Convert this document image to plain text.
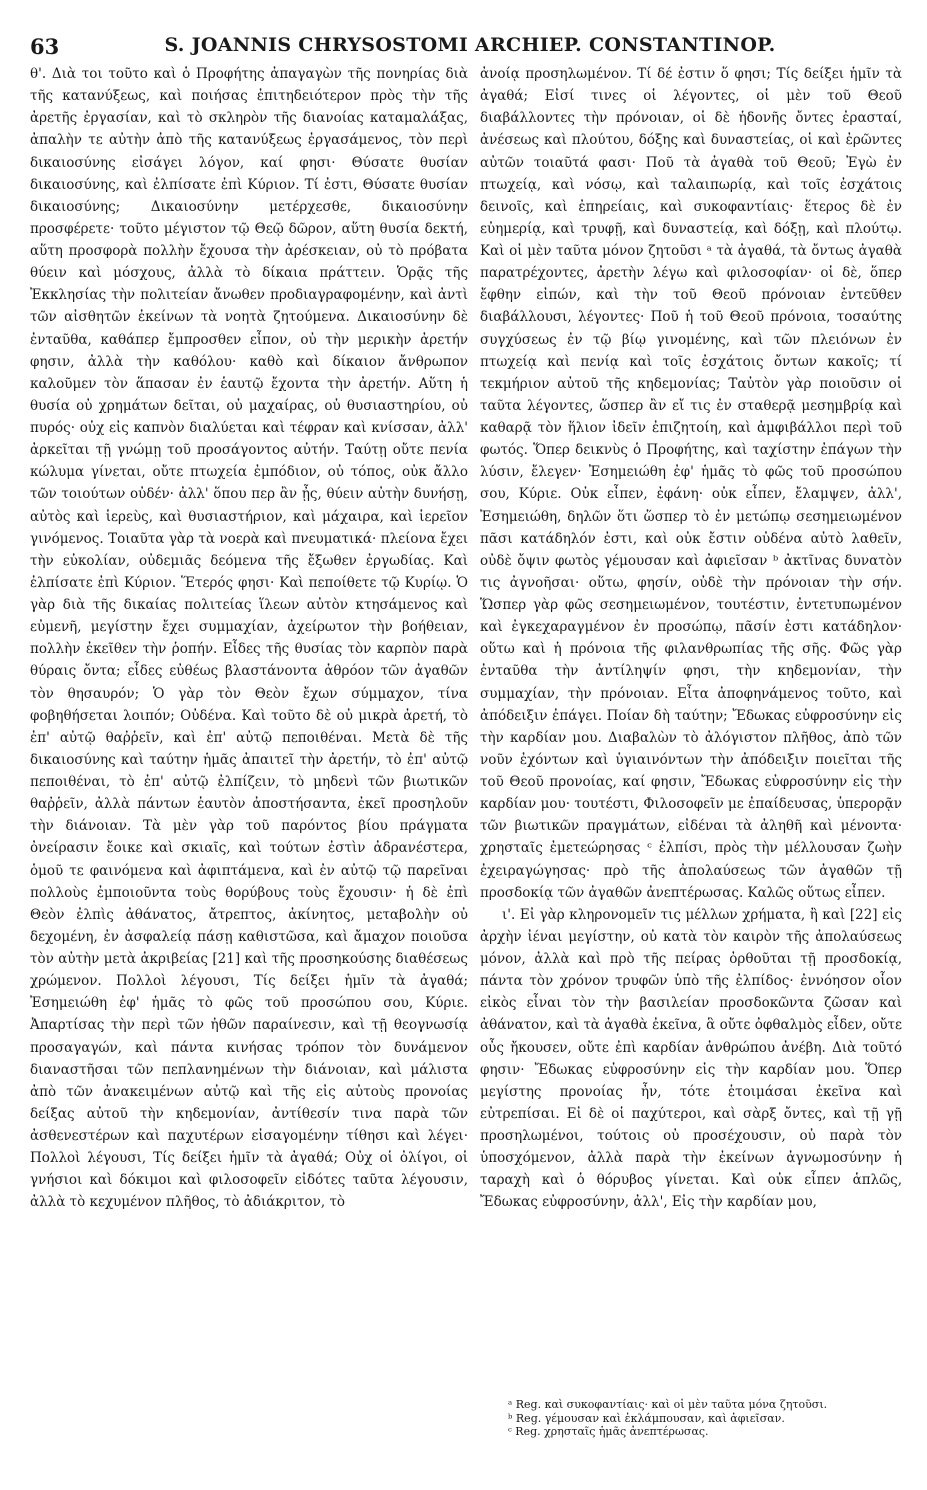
63	S. JOANNIS CHRYSOSTOMI ARCHIEP. CONSTANTINOP.

θ'. Διὰ τοι τοῦτο καὶ ὁ Προφήτης ἀπαγαγὼν τῆς πονηρίας διὰ τῆς κατανύξεως, καὶ ποιήσας ἐπιτηδειότερον πρὸς τὴν τῆς ἀρετῆς ἐργασίαν, καὶ τὸ σκληρὸν τῆς διανοίας καταμαλάξας, ἀπαλὴν τε αὐτὴν ἀπὸ τῆς κατανύξεως ἐργασάμενος, τὸν περὶ δικαιοσύνης εἰσάγει λόγον, καί φησι· Θύσατε θυσίαν δικαιοσύνης, καὶ ἐλπίσατε ἐπὶ Κύριον. Τί ἐστι, Θύσατε θυσίαν δικαιοσύνης; Δικαιοσύνην μετέρχεσθε, δικαιοσύνην προσφέρετε· τοῦτο μέγιστον τῷ Θεῷ δῶρον, αὕτη θυσία δεκτή, αὕτη προσφορὰ πολλὴν ἔχουσα τὴν ἀρέσκειαν, οὐ τὸ πρόβατα θύειν καὶ μόσχους, ἀλλὰ τὸ δίκαια πράττειν. Ὁρᾷς τῆς Ἐκκλησίας τὴν πολιτείαν ἄνωθεν προδιαγραφομένην, καὶ ἀντὶ τῶν αἰσθητῶν ἐκείνων τὰ νοητὰ ζητούμενα. Δικαιοσύνην δὲ ἐνταῦθα, καθάπερ ἔμπροσθεν εἶπον, οὐ τὴν μερικὴν ἀρετήν φησιν, ἀλλὰ τὴν καθόλου· καθὸ καὶ δίκαιον ἄνθρωπον καλοῦμεν τὸν ἅπασαν ἐν ἑαυτῷ ἔχοντα τὴν ἀρετήν. Αὕτη ἡ θυσία οὐ χρημάτων δεῖται, οὐ μαχαίρας, οὐ θυσιαστηρίου, οὐ πυρός· οὐχ εἰς καπνὸν διαλύεται καὶ τέφραν καὶ κνίσσαν, ἀλλ' ἀρκεῖται τῇ γνώμῃ τοῦ προσάγοντος αὐτήν. Ταύτῃ οὔτε πενία κώλυμα γίνεται, οὔτε πτωχεία ἐμπόδιον, οὐ τόπος, οὐκ ἄλλο τῶν τοιούτων οὐδέν· ἀλλ' ὅπου περ ἂν ᾖς, θύειν αὐτὴν δυνήσῃ, αὐτὸς καὶ ἱερεὺς, καὶ θυσιαστήριον, καὶ μάχαιρα, καὶ ἱερεῖον γινόμενος. Τοιαῦτα γὰρ τὰ νοερὰ καὶ πνευματικά· πλείονα ἔχει τὴν εὐκολίαν, οὐδεμιᾶς δεόμενα τῆς ἔξωθεν ἐργωδίας. Καὶ ἐλπίσατε ἐπὶ Κύριον. Ἕτερός φησι· Καὶ πεποίθετε τῷ Κυρίῳ. Ὁ γὰρ διὰ τῆς δικαίας πολιτείας ἵλεων αὐτὸν κτησάμενος καὶ εὐμενῆ, μεγίστην ἔχει συμμαχίαν, ἀχείρωτον τὴν βοήθειαν, πολλὴν ἐκεῖθεν τὴν ῥοπήν. Εἶδες τῆς θυσίας τὸν καρπὸν παρὰ θύραις ὄντα; εἶδες εὐθέως βλαστάνοντα ἀθρόον τῶν ἀγαθῶν τὸν θησαυρόν; Ὁ γὰρ τὸν Θεὸν ἔχων σύμμαχον, τίνα φοβηθήσεται λοιπόν; Οὐδένα. Καὶ τοῦτο δὲ οὐ μικρὰ ἀρετή, τὸ ἐπ' αὐτῷ θαῤῥεῖν, καὶ ἐπ' αὐτῷ πεποιθέναι. Μετὰ δὲ τῆς δικαιοσύνης καὶ ταύτην ἡμᾶς ἀπαιτεῖ τὴν ἀρετήν, τὸ ἐπ' αὐτῷ πεποιθέναι, τὸ ἐπ' αὐτῷ ἐλπίζειν, τὸ μηδενὶ τῶν βιωτικῶν θαῤῥεῖν, ἀλλὰ πάντων ἑαυτὸν ἀποστήσαντα, ἐκεῖ προσηλοῦν τὴν διάνοιαν. Τὰ μὲν γὰρ τοῦ παρόντος βίου πράγματα ὀνείρασιν ἔοικε καὶ σκιαῖς, καὶ τούτων ἐστὶν ἀδρανέστερα, ὁμοῦ τε φαινόμενα καὶ ἀφιπτάμενα, καὶ ἐν αὐτῷ τῷ παρεῖναι πολλοὺς ἐμποιοῦντα τοὺς θορύβους τοὺς ἔχουσιν· ἡ δὲ ἐπὶ Θεὸν ἐλπὶς ἀθάνατος, ἄτρεπτος, ἀκίνητος, μεταβολὴν οὐ δεχομένη, ἐν ἀσφαλείᾳ πάσῃ καθιστῶσα, καὶ ἄμαχον ποιοῦσα τὸν αὐτὴν μετὰ ἀκριβείας [21] καὶ τῆς προσηκούσης διαθέσεως χρώμενον. Πολλοὶ λέγουσι, Τίς δείξει ἡμῖν τὰ ἀγαθά; Ἐσημειώθη ἐφ' ἡμᾶς τὸ φῶς τοῦ προσώπου σου, Κύριε. Ἀπαρτίσας τὴν περὶ τῶν ἠθῶν παραίνεσιν, καὶ τῇ θεογνωσίᾳ προσαγαγών, καὶ πάντα κινήσας τρόπον τὸν δυνάμενον διαναστῆσαι τῶν πεπλανημένων τὴν διάνοιαν, καὶ μάλιστα ἀπὸ τῶν ἀνακειμένων αὐτῷ καὶ τῆς εἰς αὐτοὺς προνοίας δείξας αὐτοῦ τὴν κηδεμονίαν, ἀντίθεσίν τινα παρὰ τῶν ἀσθενεστέρων καὶ παχυτέρων εἰσαγομένην τίθησι καὶ λέγει· Πολλοὶ λέγουσι, Τίς δείξει ἡμῖν τὰ ἀγαθά; Οὐχ οἱ ὀλίγοι, οἱ γνήσιοι καὶ δόκιμοι καὶ φιλοσοφεῖν εἰδότες ταῦτα λέγουσιν, ἀλλὰ τὸ κεχυμένον πλῆθος, τὸ ἀδιάκριτον, τὸ

ἀνοίᾳ προσηλωμένον. Τί δέ ἐστιν ὅ φησι; Τίς δείξει ἡμῖν τὰ ἀγαθά; Εἰσί τινες οἱ λέγοντες, οἱ μὲν τοῦ Θεοῦ διαβάλλοντες τὴν πρόνοιαν, οἱ δὲ ἡδονῆς ὄντες ἐρασταί, ἀνέσεως καὶ πλούτου, δόξης καὶ δυναστείας, οἱ καὶ ἐρῶντες αὐτῶν τοιαῦτά φασι· Ποῦ τὰ ἀγαθὰ τοῦ Θεοῦ; Ἐγὼ ἐν πτωχείᾳ, καὶ νόσῳ, καὶ ταλαιπωρίᾳ, καὶ τοῖς ἐσχάτοις δεινοῖς, καὶ ἐπηρείαις, καὶ συκοφαντίαις· ἕτερος δὲ ἐν εὐημερίᾳ, καὶ τρυφῇ, καὶ δυναστείᾳ, καὶ δόξῃ, καὶ πλούτῳ. Καὶ οἱ μὲν ταῦτα μόνον ζητοῦσι ᵃ τὰ ἀγαθά, τὰ ὄντως ἀγαθὰ παρατρέχοντες, ἀρετὴν λέγω καὶ φιλοσοφίαν· οἱ δὲ, ὅπερ ἔφθην εἰπών, καὶ τὴν τοῦ Θεοῦ πρόνοιαν ἐντεῦθεν διαβάλλουσι, λέγοντες· Ποῦ ἡ τοῦ Θεοῦ πρόνοια, τοσαύτης συγχύσεως ἐν τῷ βίῳ γινομένης, καὶ τῶν πλειόνων ἐν πτωχείᾳ καὶ πενίᾳ καὶ τοῖς ἐσχάτοις ὄντων κακοῖς; τί τεκμήριον αὐτοῦ τῆς κηδεμονίας; Ταὐτὸν γὰρ ποιοῦσιν οἱ ταῦτα λέγοντες, ὥσπερ ἂν εἴ τις ἐν σταθερᾷ μεσημβρίᾳ καὶ καθαρᾷ τὸν ἥλιον ἰδεῖν ἐπιζητοίη, καὶ ἀμφιβάλλοι περὶ τοῦ φωτός. Ὅπερ δεικνὺς ὁ Προφήτης, καὶ ταχίστην ἐπάγων τὴν λύσιν, ἔλεγεν· Ἐσημειώθη ἐφ' ἡμᾶς τὸ φῶς τοῦ προσώπου σου, Κύριε. Οὐκ εἶπεν, ἐφάνη· οὐκ εἶπεν, ἔλαμψεν, ἀλλ', Ἐσημειώθη, δηλῶν ὅτι ὥσπερ τὸ ἐν μετώπῳ σεσημειωμένον πᾶσι κατάδηλόν ἐστι, καὶ οὐκ ἔστιν οὐδένα αὐτὸ λαθεῖν, οὐδὲ ὄψιν φωτὸς γέμουσαν καὶ ἀφιεῖσαν ᵇ ἀκτῖνας δυνατὸν τις ἀγνοῆσαι· οὕτω, φησίν, οὐδὲ τὴν πρόνοιαν τὴν σήν. Ὥσπερ γὰρ φῶς σεσημειωμένον, τουτέστιν, ἐντετυπωμένον καὶ ἐγκεχαραγμένον ἐν προσώπῳ, πᾶσίν ἐστι κατάδηλον· οὕτω καὶ ἡ πρόνοια τῆς φιλανθρωπίας τῆς σῆς. Φῶς γὰρ ἐνταῦθα τὴν ἀντίληψίν φησι, τὴν κηδεμονίαν, τὴν συμμαχίαν, τὴν πρόνοιαν. Εἶτα ἀποφηνάμενος τοῦτο, καὶ ἀπόδειξιν ἐπάγει. Ποίαν δὴ ταύτην; Ἔδωκας εὐφροσύνην εἰς τὴν καρδίαν μου. Διαβαλὼν τὸ ἀλόγιστον πλῆθος, ἀπὸ τῶν νοῦν ἐχόντων καὶ ὑγιαινόντων τὴν ἀπόδειξιν ποιεῖται τῆς τοῦ Θεοῦ προνοίας, καί φησιν, Ἔδωκας εὐφροσύνην εἰς τὴν καρδίαν μου· τουτέστι, Φιλοσοφεῖν με ἐπαίδευσας, ὑπερορᾷν τῶν βιωτικῶν πραγμάτων, εἰδέναι τὰ ἀληθῆ καὶ μένοντα· χρησταῖς ἐμετεώρησας ᶜ ἐλπίσι, πρὸς τὴν μέλλουσαν ζωὴν ἐχειραγώγησας· πρὸ τῆς ἀπολαύσεως τῶν ἀγαθῶν τῇ προσδοκίᾳ τῶν ἀγαθῶν ἀνεπτέρωσας. Καλῶς οὕτως εἶπεν.

ι'. Εἰ γὰρ κληρονομεῖν τις μέλλων χρήματα, ἢ καὶ [22] εἰς ἀρχὴν ἰέναι μεγίστην, οὐ κατὰ τὸν καιρὸν τῆς ἀπολαύσεως μόνον, ἀλλὰ καὶ πρὸ τῆς πείρας ὀρθοῦται τῇ προσδοκίᾳ, πάντα τὸν χρόνον τρυφῶν ὑπὸ τῆς ἐλπίδος· ἐννόησον οἷον εἰκὸς εἶναι τὸν τὴν βασιλείαν προσδοκῶντα ζῶσαν καὶ ἀθάνατον, καὶ τὰ ἀγαθὰ ἐκεῖνα, ἃ οὔτε ὀφθαλμὸς εἶδεν, οὔτε οὖς ἤκουσεν, οὔτε ἐπὶ καρδίαν ἀνθρώπου ἀνέβη. Διὰ τοῦτό φησιν· Ἔδωκας εὐφροσύνην εἰς τὴν καρδίαν μου. Ὅπερ μεγίστης προνοίας ἦν, τότε ἑτοιμάσαι ἐκεῖνα καὶ εὐτρεπίσαι. Εἰ δὲ οἱ παχύτεροι, καὶ σὰρξ ὄντες, καὶ τῇ γῇ προσηλωμένοι, τούτοις οὐ προσέχουσιν, οὐ παρὰ τὸν ὑποσχόμενον, ἀλλὰ παρὰ τὴν ἐκείνων ἀγνωμοσύνην ἡ ταραχὴ καὶ ὁ θόρυβος γίνεται. Καὶ οὐκ εἶπεν ἁπλῶς, Ἔδωκας εὐφροσύνην, ἀλλ', Εἰς τὴν καρδίαν μου,

ᵃ Reg. καὶ συκοφαντίαις· καὶ οἱ μὲν ταῦτα μόνα ζητοῦσι.

ᵇ Reg. γέμουσαν καὶ ἐκλάμπουσαν, καὶ ἀφιεῖσαν.

ᶜ Reg. χρησταῖς ἡμᾶς ἀνεπτέρωσας.
